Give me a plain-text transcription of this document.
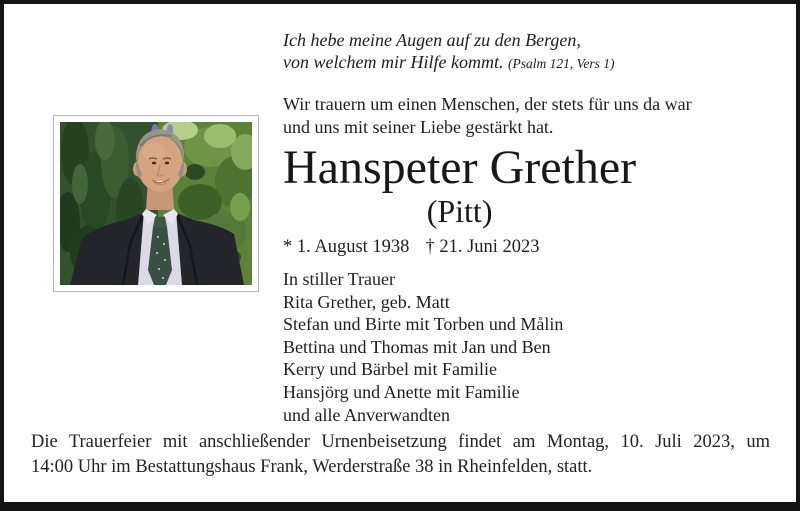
Ich hebe meine Augen auf zu den Bergen,
von welchem mir Hilfe kommt. (Psalm 121, Vers 1)
Wir trauern um einen Menschen, der stets für uns da war
und uns mit seiner Liebe gestärkt hat.
Hanspeter Grether
(Pitt)
* 1. August 1938 † 21. Juni 2023
In stiller Trauer
Rita Grether, geb. Matt
Stefan und Birte mit Torben und Målin
Bettina und Thomas mit Jan und Ben
Kerry und Bärbel mit Familie
Hansjörg und Anette mit Familie
und alle Anverwandten
Die Trauerfeier mit anschließender Urnenbeisetzung findet am Montag, 10. Juli 2023, um
14:00 Uhr im Bestattungshaus Frank, Werderstraße 38 in Rheinfelden, statt.
